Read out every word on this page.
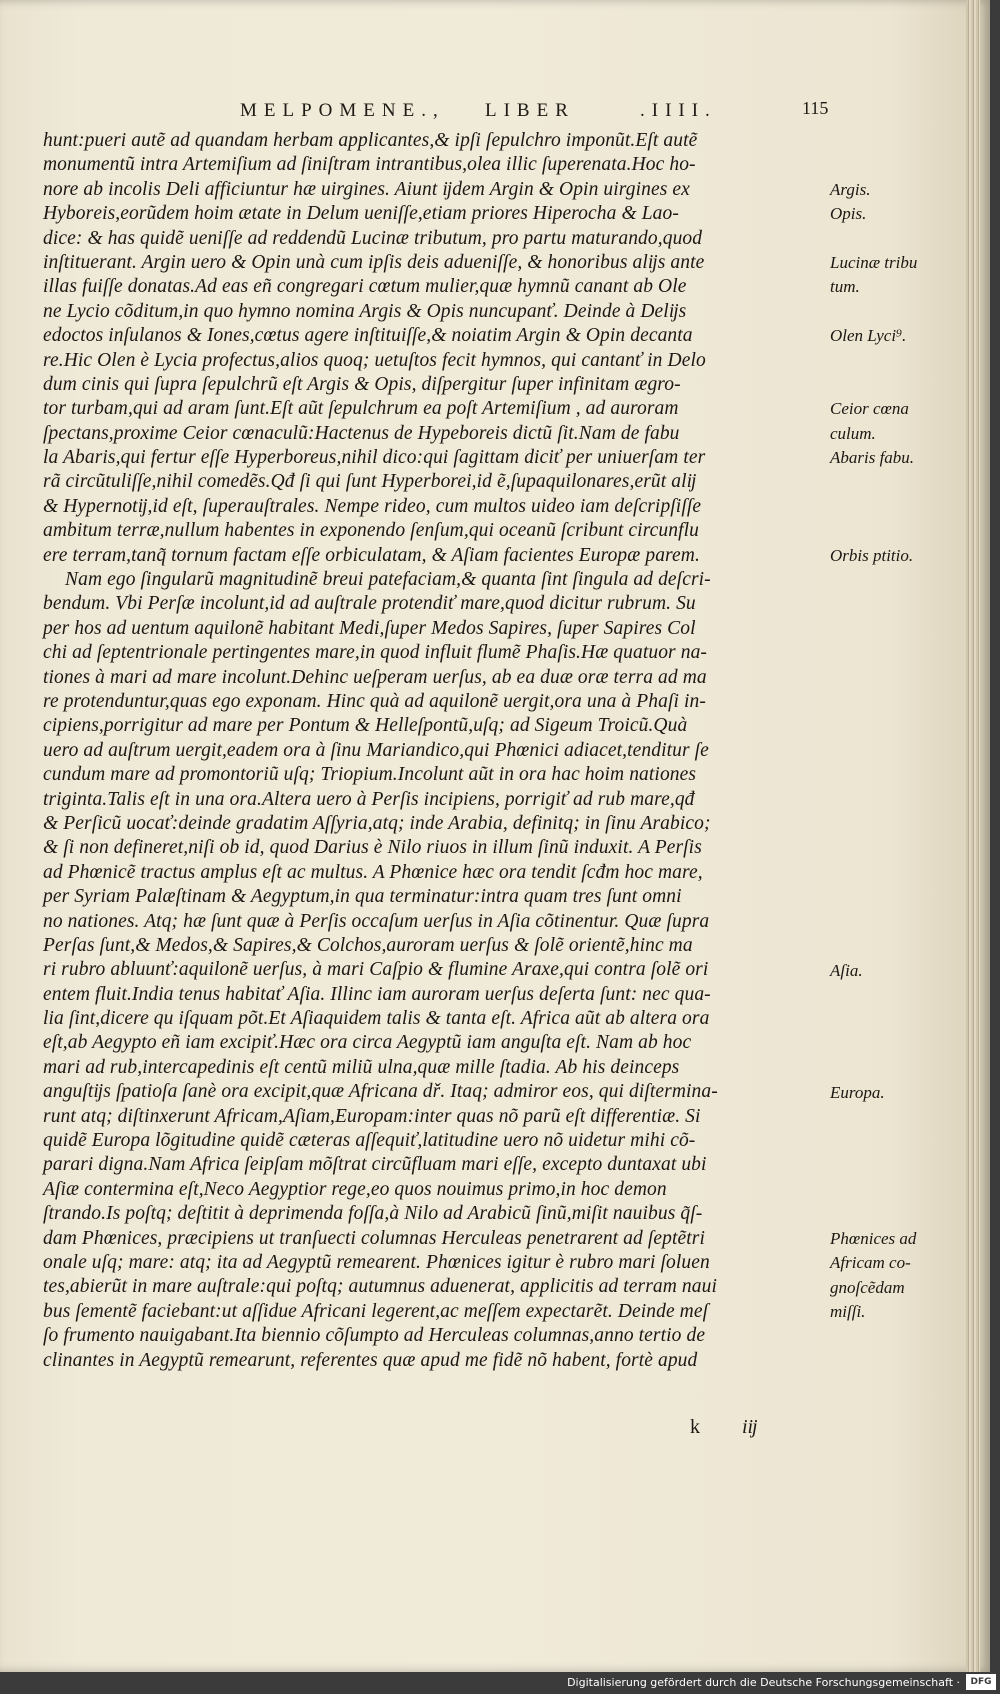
MELPOMENE., LIBER	.IIII.	115
hunt:pueri autẽ ad quandam herbam applicantes,& ipſi ſepulchro imponũt.Eſt autẽ
monumentũ intra Artemiſium ad ſiniſtram intrantibus,olea illic ſuperenata.Hoc ho-
nore ab incolis Deli afficiuntur hæ uirgines. Aiunt ĳdem Argin & Opin uirgines ex
Hyborеis,eorũdem hoim ætate in Delum ueniſſe,etiam priores Hiperocha & Lao-
dice: & has quidẽ ueniſſe ad reddendũ Lucinæ tributum, pro partu maturando,quod
inſtituerant. Argin uero & Opin unà cum ipſis deis aduenіſſe, & honoribus alĳs ante
illas fuiſſe donatas.Ad eas eñ congregari cœtum mulier,quæ hymnũ canant ab Ole
ne Lycio cõditum,in quo hymno nomina Argis & Opis nuncupanť. Deinde à Delĳs
edoctos inſulanos & Iones,cœtus agere inſtituiſſe,& noiatim Argin & Opin decanta
re.Hic Olen è Lycia profectus,alios quoq; uetuſtos fecit hymnos, qui cantanť in Delo
dum cinis qui ſupra ſepulchrũ eſt Argis & Opis, diſpergitur ſuper infinitam ægro-
tor turbam,qui ad aram ſunt.Eſt aũt ſepulchrum ea poſt Artemiſium , ad auroram
ſpectans,proxime Ceior cœnaculũ:Hactenus de Hypeboreis dictũ ſit.Nam de fabu
la Abaris,qui fertur eſſe Hyperboreus,nihil dico:qui ſagittam diciť per uniuerſam ter
rã circũtuliſſe,nihil comedẽs.Qđ ſi qui ſunt Hyperborei,id ẽ,ſupaquilonares,erũt alĳ
& Hypernotĳ,id eſt, ſuperauſtrales. Nempe rideo, cum multos uideo iam deſcripſiſſe
ambitum terræ,nullum habentes in exponendo ſenſum,qui oceanũ ſcribunt circunflu
ere terram,tanq̃ tornum factam eſſe orbiculatam, & Aſiam facientes Europæ parem.
Nam ego ſingularũ magnitudinẽ breui patefaciam,& quanta ſint ſingula ad deſcri-
bendum. Vbi Perſæ incolunt,id ad auſtrale protendiť mare,quod dicitur rubrum. Su
per hos ad uentum aquilonẽ habitant Medi,ſuper Medos Sapires, ſuper Sapires Col
chi ad ſeptentrionale pertingentes mare,in quod influit flumẽ Phaſis.Hæ quatuor na-
tiones à mari ad mare incolunt.Dehinc ueſperam uerſus, ab ea duæ oræ terra ad ma
re protenduntur,quas ego exponam. Hinc quà ad aquilonẽ uergit,ora una à Phaſi in-
cipiens,porrigitur ad mare per Pontum & Helleſpontũ,uſq; ad Sigeum Troicũ.Quà
uero ad auſtrum uergit,eadem ora à ſinu Mariandico,qui Phœnici adiacet,tenditur ſe
cundum mare ad promontoriũ uſq; Triopium.Incolunt aũt in ora hac hoim nationes
triginta.Talis eſt in una ora.Altera uero à Perſis incipiens, porrigiť ad rub mare,qđ
& Perſicũ uocať:deinde gradatim Aſſyria,atq; inde Arabia, definitq; in ſinu Arabico;
& ſi non defineret,niſi ob id, quod Darius è Nilo riuos in illum ſinũ induxit. A Perſis
ad Phœnicẽ tractus amplus eſt ac multus. A Phœnice hæc ora tendit ſcđm hoc mare,
per Syriam Palæſtinam & Aegyptum,in qua terminatur:intra quam tres ſunt omni
no nationes. Atq; hæ ſunt quæ à Perſis occaſum uerſus in Aſia cõtinentur. Quæ ſupra
Perſas ſunt,& Medos,& Sapires,& Colchos,auroram uerſus & ſolẽ orientẽ,hinc ma
ri rubro abluunť:aquilonẽ uerſus, à mari Caſpio & flumine Araxe,qui contra ſolẽ ori
entem fluit.India tenus habitať Aſia. Illinc iam auroram uerſus deſerta ſunt: nec qua-
lia ſint,dicere qu iſquam põt.Et Aſiaquidem talis & tanta eſt. Africa aũt ab altera ora
eſt,ab Aegypto eñ iam excipiť.Hæc ora circa Aegyptũ iam anguſta eſt. Nam ab hoc
mari ad rub,intercapedinis eſt centũ miliũ ulna,quæ mille ſtadia. Ab his deinceps
anguſtĳs ſpatioſa ſanè ora excipit,quæ Africana dř. Itaq; admiror eos, qui diſtermina-
runt atq; diſtinxerunt Africam,Aſiam,Europam:inter quas nõ parũ eſt differentiæ. Si
quidẽ Europa lõgitudine quidẽ cæteras aſſequiť,latitudine uero nõ uidetur mihi cõ-
parari digna.Nam Africa ſeipſam mõſtrat circũfluam mari eſſe, excepto duntaxat ubi
Aſiæ contermina eſt,Neco Aegyptior rege,eo quos nouimus primo,in hoc demon
ſtrando.Is poſtq; deſtitit à deprimenda foſſa,à Nilo ad Arabicũ ſinũ,miſit nauibus q̃ſ-
dam Phœnices, præcipiens ut tranſuecti columnas Herculeas penetrarent ad ſeptẽtri
onale uſq; mare: atq; ita ad Aegyptũ remearent. Phœnices igitur è rubro mari ſoluen
tes,abierũt in mare auſtrale:qui poſtq; autumnus aduenerat, applicitis ad terram naui
bus ſementẽ faciebant:ut aſſidue Africani legerent,ac meſſem expectarẽt. Deinde meſ
ſo frumento nauigabant.Ita biennio cõſumpto ad Herculeas columnas,anno tertio de
clinantes in Aegyptũ remearunt, referentes quæ apud me fidẽ nõ habent, fortè apud
Argis.
Opis.
Lucinæ tribu
tum.
Olen Lyci⁹.
Ceior cœna
culum.
Abaris fabu.
Orbis ptitio.
Aſia.
Europa.
Phœnices ad
Africam co-
gnoſcẽdam
miſſi.
k iĳ
Digitalisierung gefördert durch die Deutsche Forschungsgemeinschaft ·	DFG
